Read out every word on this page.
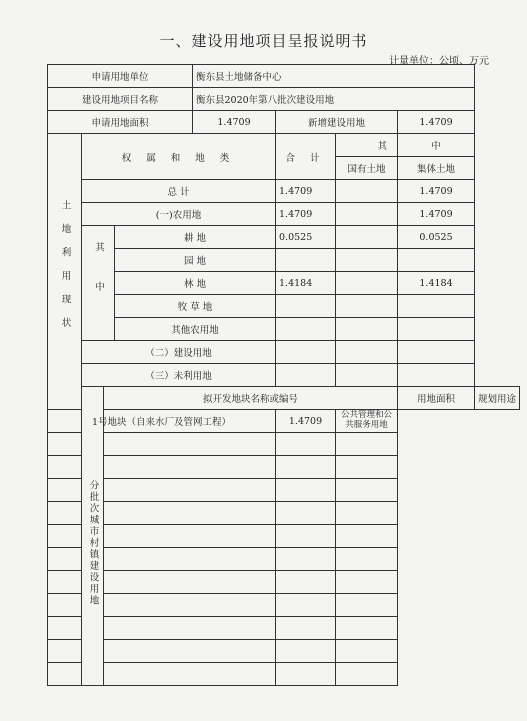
一、建设用地项目呈报说明书
计量单位：公顷、万元
申请用地单位				衡东县土地储备中心				
建设用地项目名称				衡东县2020年第八批次建设用地				
申请用地面积				1.4709	新增建设用地		1.4709	
土地利用现状	权 属 和 地 类				合 计	其	中	
						国有土地	集体土地	
	总 计				1.4709		1.4709	
	(一)农用地				1.4709		1.4709	
	其中		耕 地		0.0525		0.0525	
			园 地					
			林 地		1.4184		1.4184	
			牧 草 地					
			其他农用地					
	（二）建设用地							
	（三）未利用地							
	分批次城市村镇建设用地	拟开发地块名称或编号					用地面积	规划用途
1号地块（自来水厂及管网工程）					1.4709	公共管理和公共服务用地		
